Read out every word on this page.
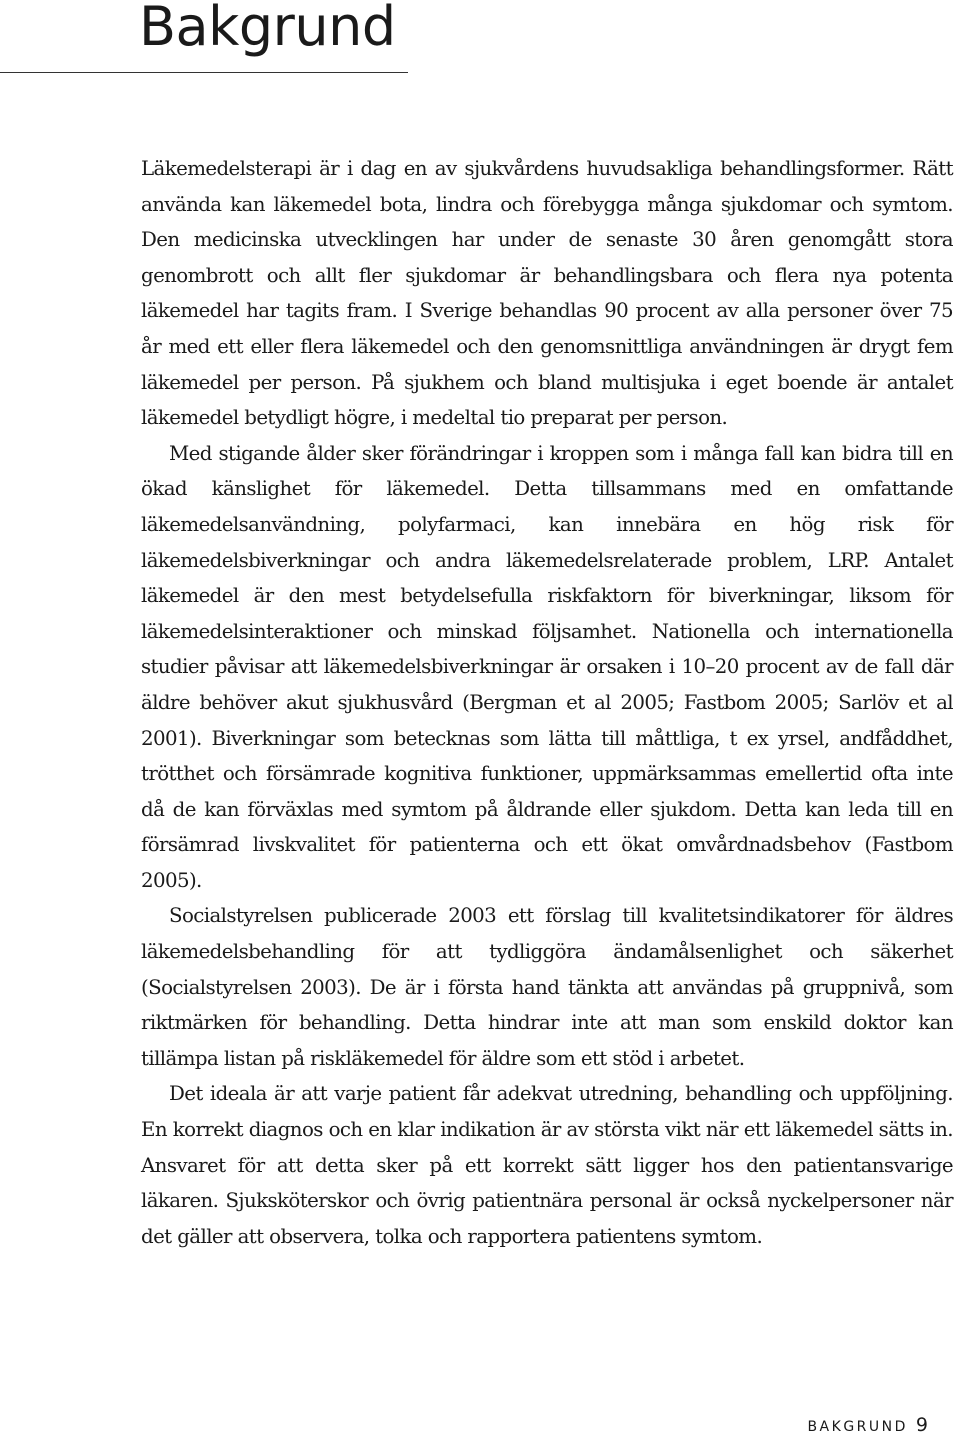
Bakgrund

Läkemedelsterapi är i dag en av sjukvårdens huvudsakliga behandlingsformer. Rätt använda kan läkemedel bota, lindra och förebygga många sjukdomar och symtom. Den medicinska utvecklingen har under de senaste 30 åren genomgått stora genombrott och allt fler sjukdomar är behandlingsbara och flera nya potenta läkemedel har tagits fram. I Sverige behandlas 90 procent av alla personer över 75 år med ett eller flera läkemedel och den genomsnittliga användningen är drygt fem läkemedel per person. På sjukhem och bland multisjuka i eget boende är antalet läkemedel betydligt högre, i medeltal tio preparat per person.

Med stigande ålder sker förändringar i kroppen som i många fall kan bidra till en ökad känslighet för läkemedel. Detta tillsammans med en omfattande läkemedelsanvändning, polyfarmaci, kan innebära en hög risk för läkemedelsbiverkningar och andra läkemedelsrelaterade problem, LRP. Antalet läkemedel är den mest betydelsefulla riskfaktorn för biverkningar, liksom för läkemedelsinteraktioner och minskad följsamhet. Nationella och internationella studier påvisar att läkemedelsbiverkningar är orsaken i 10–20 procent av de fall där äldre behöver akut sjukhusvård (Bergman et al 2005; Fastbom 2005; Sarlöv et al 2001). Biverkningar som betecknas som lätta till måttliga, t ex yrsel, andfåddhet, trötthet och försämrade kognitiva funktioner, uppmärksammas emellertid ofta inte då de kan förväxlas med symtom på åldrande eller sjukdom. Detta kan leda till en försämrad livskvalitet för patienterna och ett ökat omvårdnadsbehov (Fastbom 2005).

Socialstyrelsen publicerade 2003 ett förslag till kvalitetsindikatorer för äldres läkemedelsbehandling för att tydliggöra ändamålsenlighet och säkerhet (Socialstyrelsen 2003). De är i första hand tänkta att användas på gruppnivå, som riktmärken för behandling. Detta hindrar inte att man som enskild doktor kan tillämpa listan på riskläkemedel för äldre som ett stöd i arbetet.

Det ideala är att varje patient får adekvat utredning, behandling och uppföljning. En korrekt diagnos och en klar indikation är av största vikt när ett läkemedel sätts in. Ansvaret för att detta sker på ett korrekt sätt ligger hos den patientansvarige läkaren. Sjuksköterskor och övrig patientnära personal är också nyckelpersoner när det gäller att observera, tolka och rapportera patientens symtom.

BAKGRUND 9
